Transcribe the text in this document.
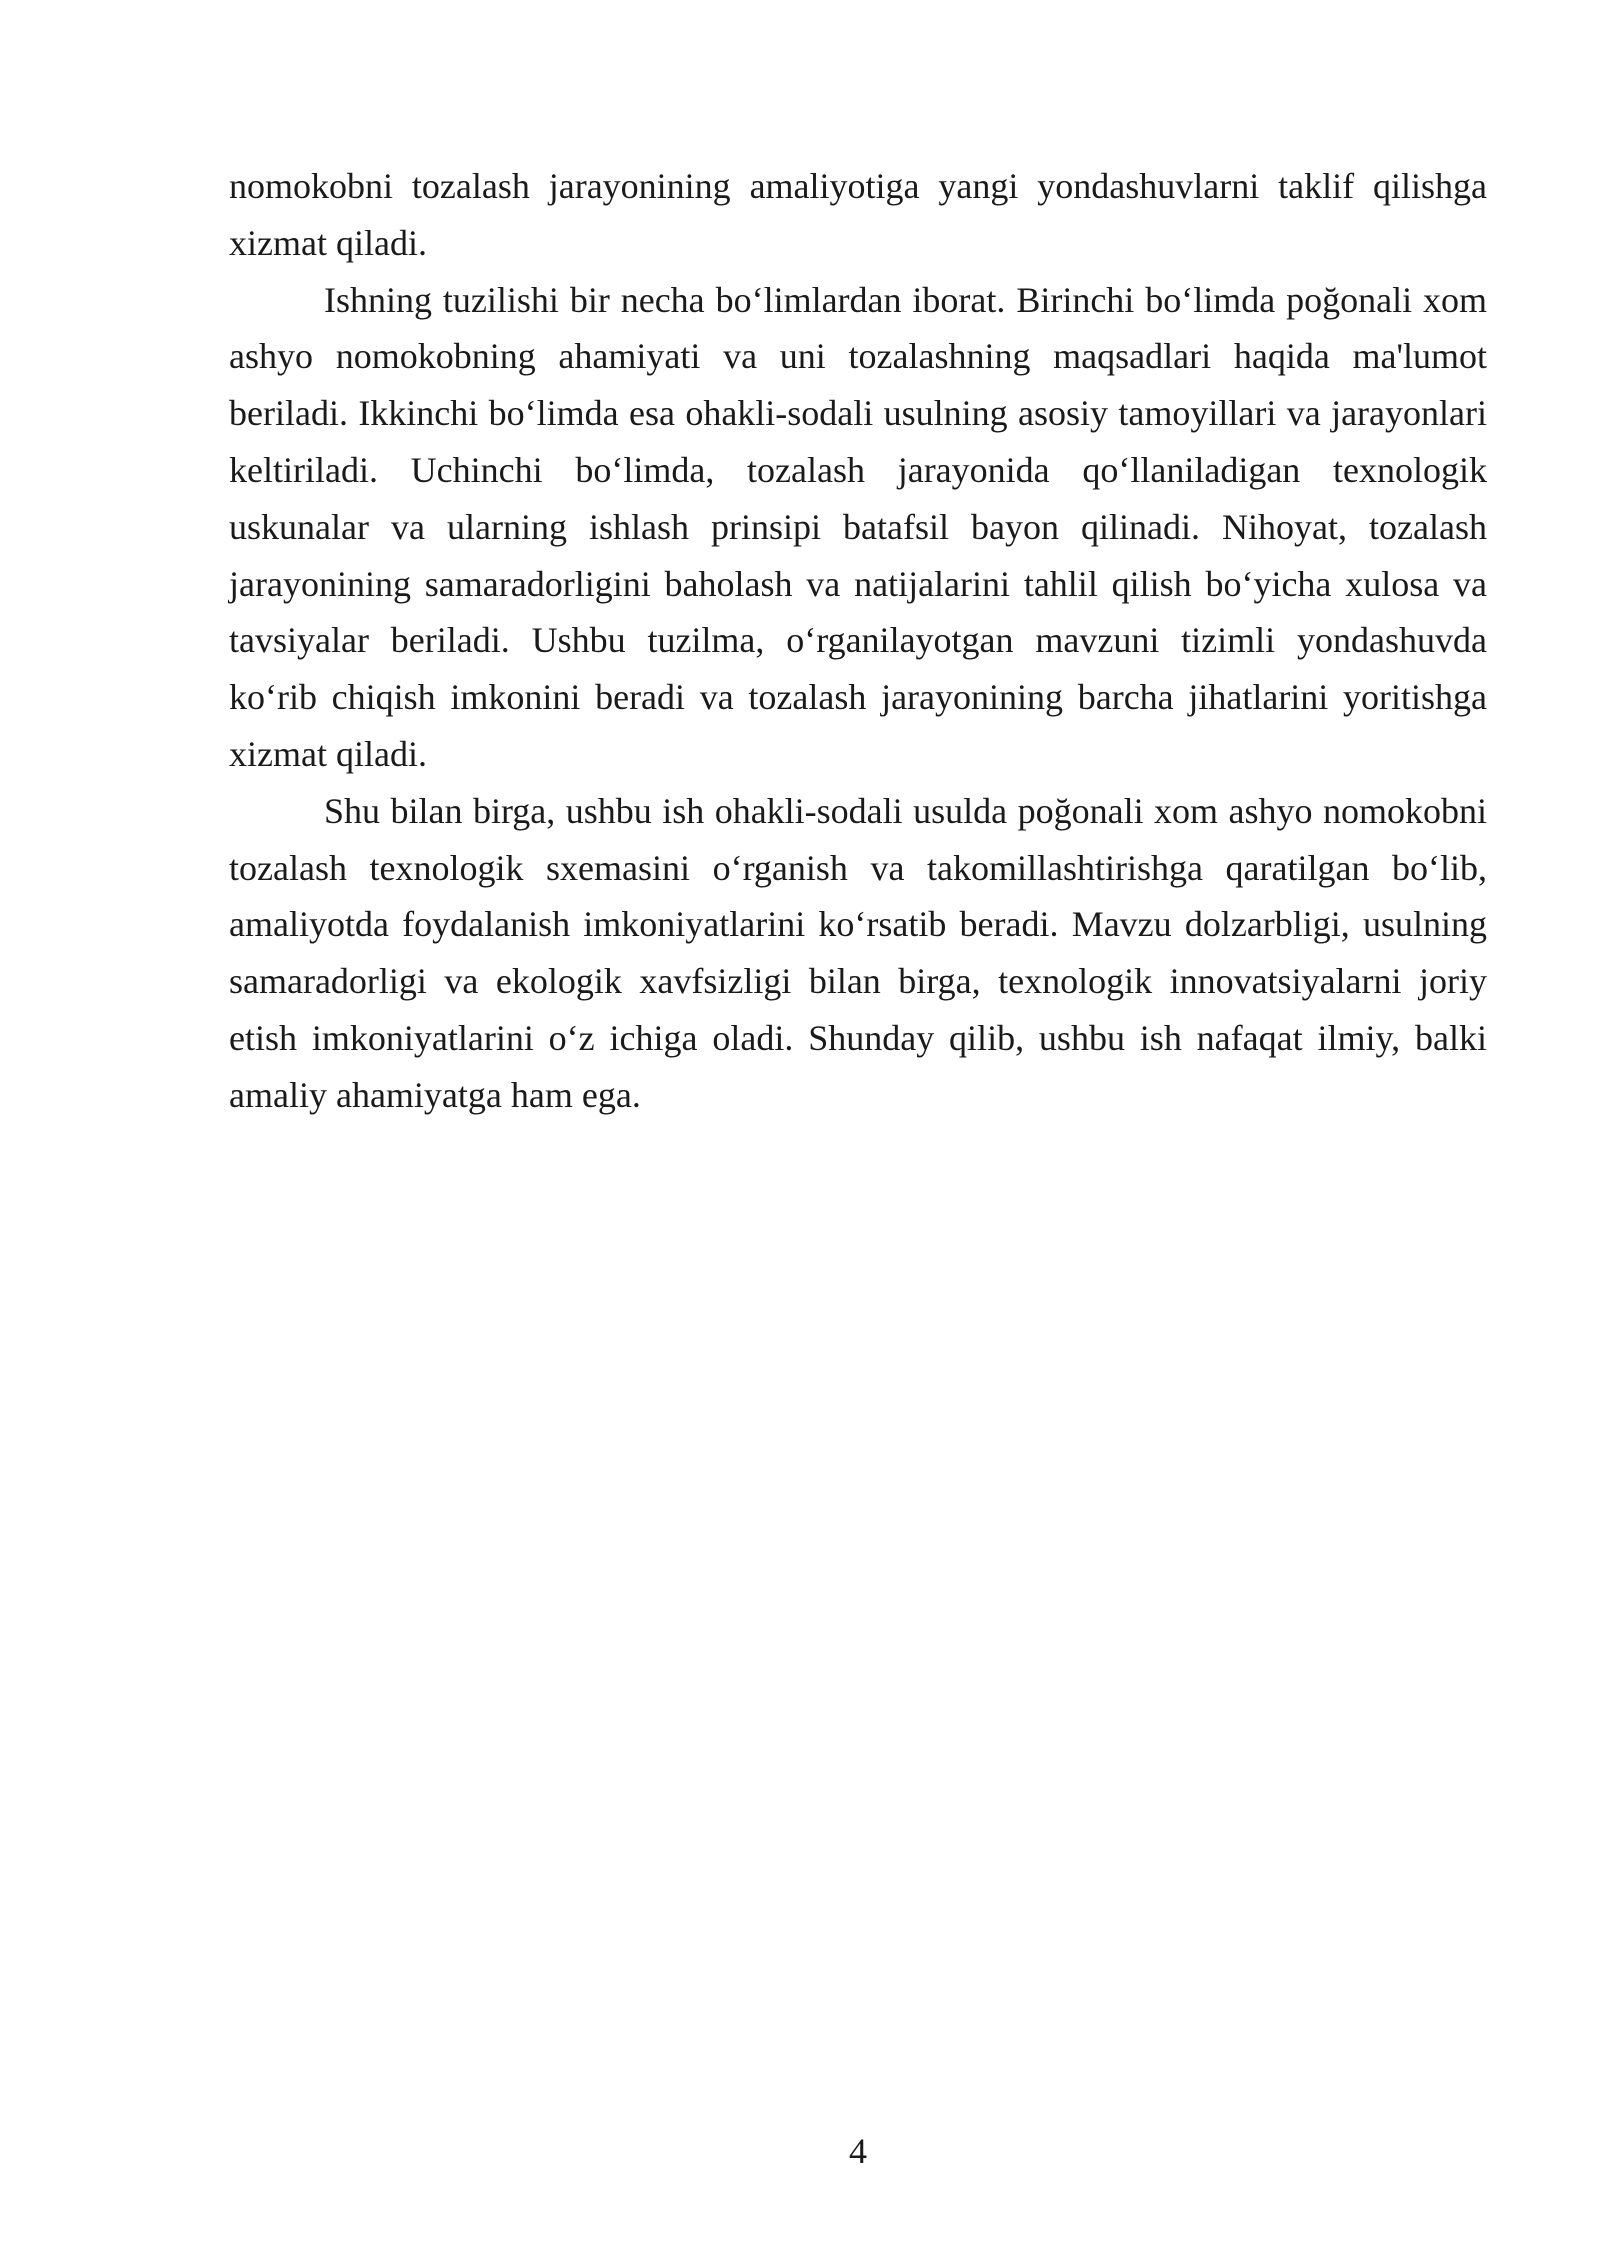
nomokobni tozalash jarayonining amaliyotiga yangi yondashuvlarni taklif qilishga xizmat qiladi.

Ishning tuzilishi bir necha bo‘limlardan iborat. Birinchi bo‘limda poğonali xom ashyo nomokobning ahamiyati va uni tozalashning maqsadlari haqida ma'lumot beriladi. Ikkinchi bo‘limda esa ohakli-sodali usulning asosiy tamoyillari va jarayonlari keltiriladi. Uchinchi bo‘limda, tozalash jarayonida qo‘llaniladigan texnologik uskunalar va ularning ishlash prinsipi batafsil bayon qilinadi. Nihoyat, tozalash jarayonining samaradorligini baholash va natijalarini tahlil qilish bo‘yicha xulosa va tavsiyalar beriladi. Ushbu tuzilma, o‘rganilayotgan mavzuni tizimli yondashuvda ko‘rib chiqish imkonini beradi va tozalash jarayonining barcha jihatlarini yoritishga xizmat qiladi.

Shu bilan birga, ushbu ish ohakli-sodali usulda poğonali xom ashyo nomokobni tozalash texnologik sxemasini o‘rganish va takomillashtirishga qaratilgan bo‘lib, amaliyotda foydalanish imkoniyatlarini ko‘rsatib beradi. Mavzu dolzarbligi, usulning samaradorligi va ekologik xavfsizligi bilan birga, texnologik innovatsiyalarni joriy etish imkoniyatlarini o‘z ichiga oladi. Shunday qilib, ushbu ish nafaqat ilmiy, balki amaliy ahamiyatga ham ega.

4
